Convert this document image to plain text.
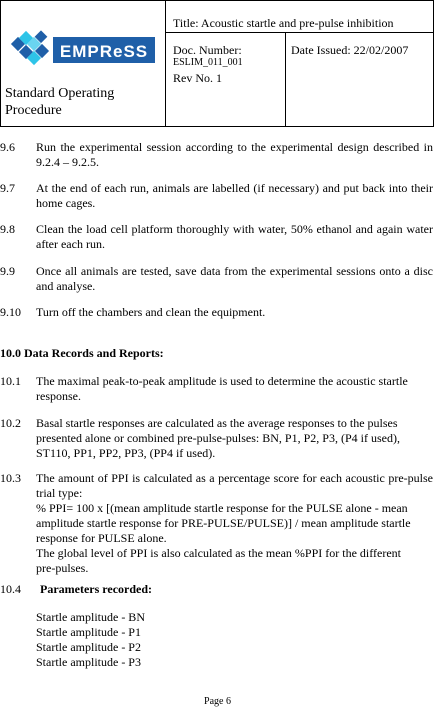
EMPReSS
Standard Operating
Procedure
Title: Acoustic startle and pre-pulse inhibition
Doc. Number:
ESLIM_011_001
Rev No. 1
Date Issued: 22/02/2007
9.6 Run the experimental session according to the experimental design described in 9.2.4 – 9.2.5.
9.7 At the end of each run, animals are labelled (if necessary) and put back into their home cages.
9.8 Clean the load cell platform thoroughly with water, 50% ethanol and again water after each run.
9.9 Once all animals are tested, save data from the experimental sessions onto a disc and analyse.
9.10 Turn off the chambers and clean the equipment.
10.0 Data Records and Reports:
10.1 The maximal peak-to-peak amplitude is used to determine the acoustic startle response.
10.2 Basal startle responses are calculated as the average responses to the pulses presented alone or combined pre-pulse-pulses: BN, P1, P2, P3, (P4 if used), ST110, PP1, PP2, PP3, (PP4 if used).
10.3 The amount of PPI is calculated as a percentage score for each acoustic pre-pulse trial type:
% PPI= 100 x [(mean amplitude startle response for the PULSE alone - mean amplitude startle response for PRE-PULSE/PULSE)] / mean amplitude startle response for PULSE alone.
The global level of PPI is also calculated as the mean %PPI for the different pre-pulses.
10.4 Parameters recorded:
Startle amplitude - BN
Startle amplitude - P1
Startle amplitude - P2
Startle amplitude - P3
Page 6
